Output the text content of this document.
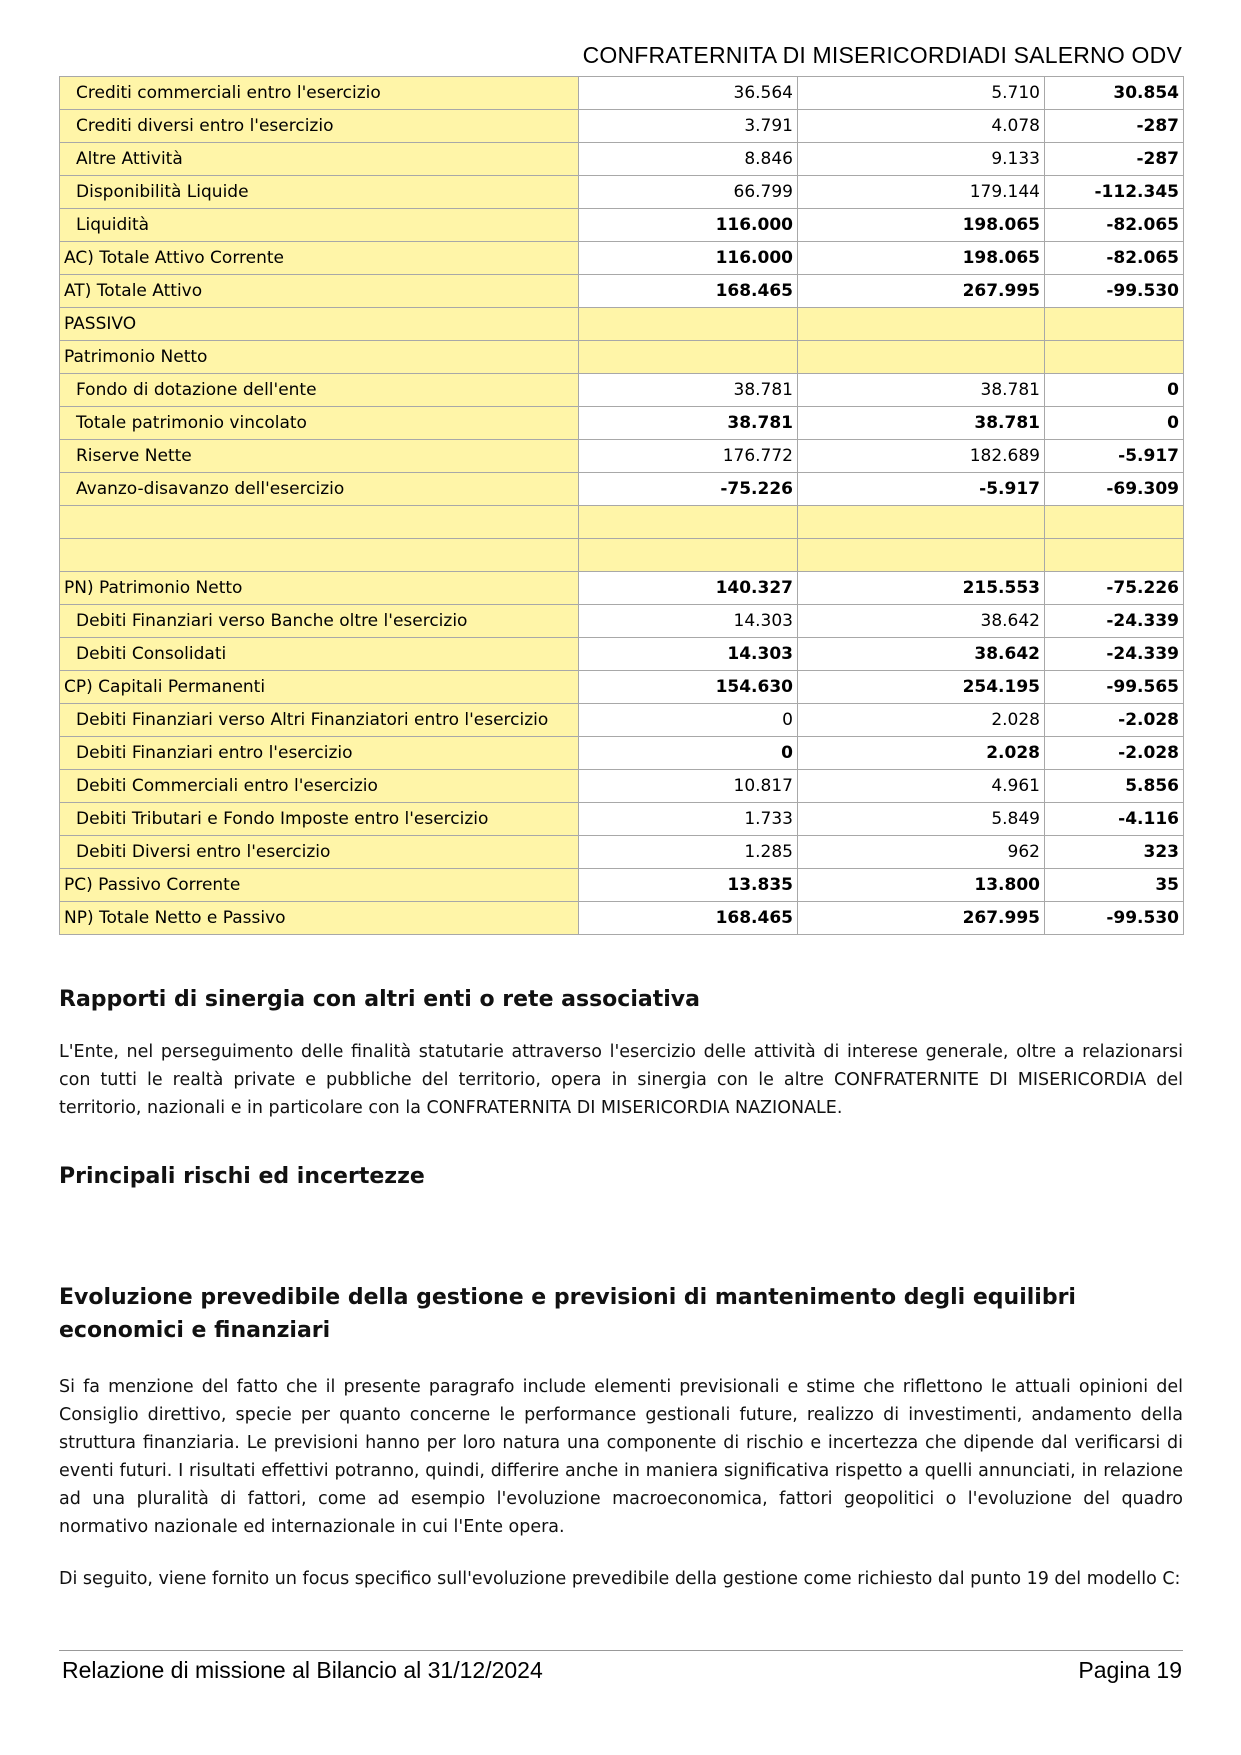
CONFRATERNITA DI MISERICORDIADI SALERNO ODV
Crediti commerciali entro l'esercizio	36.564	5.710	30.854
Crediti diversi entro l'esercizio	3.791	4.078	-287
Altre Attività	8.846	9.133	-287
Disponibilità Liquide	66.799	179.144	-112.345
Liquidità	116.000	198.065	-82.065
AC) Totale Attivo Corrente	116.000	198.065	-82.065
AT) Totale Attivo	168.465	267.995	-99.530
PASSIVO			
Patrimonio Netto			
Fondo di dotazione dell'ente	38.781	38.781	0
Totale patrimonio vincolato	38.781	38.781	0
Riserve Nette	176.772	182.689	-5.917
Avanzo-disavanzo dell'esercizio	-75.226	-5.917	-69.309

PN) Patrimonio Netto	140.327	215.553	-75.226
Debiti Finanziari verso Banche oltre l'esercizio	14.303	38.642	-24.339
Debiti Consolidati	14.303	38.642	-24.339
CP) Capitali Permanenti	154.630	254.195	-99.565
Debiti Finanziari verso Altri Finanziatori entro l'esercizio	0	2.028	-2.028
Debiti Finanziari entro l'esercizio	0	2.028	-2.028
Debiti Commerciali entro l'esercizio	10.817	4.961	5.856
Debiti Tributari e Fondo Imposte entro l'esercizio	1.733	5.849	-4.116
Debiti Diversi entro l'esercizio	1.285	962	323
PC) Passivo Corrente	13.835	13.800	35
NP) Totale Netto e Passivo	168.465	267.995	-99.530
Rapporti di sinergia con altri enti o rete associativa

L'Ente, nel perseguimento delle finalità statutarie attraverso l'esercizio delle attività di interese generale, oltre a relazionarsi con tutti le realtà private e pubbliche del territorio, opera in sinergia con le altre CONFRATERNITE DI MISERICORDIA del territorio, nazionali e in particolare con la CONFRATERNITA DI MISERICORDIA NAZIONALE.

Principali rischi ed incertezze
Evoluzione prevedibile della gestione e previsioni di mantenimento degli equilibri economici e finanziari

Si fa menzione del fatto che il presente paragrafo include elementi previsionali e stime che riflettono le attuali opinioni del Consiglio direttivo, specie per quanto concerne le performance gestionali future, realizzo di investimenti, andamento della struttura finanziaria. Le previsioni hanno per loro natura una componente di rischio e incertezza che dipende dal verificarsi di eventi futuri. I risultati effettivi potranno, quindi, differire anche in maniera significativa rispetto a quelli annunciati, in relazione ad una pluralità di fattori, come ad esempio l'evoluzione macroeconomica, fattori geopolitici o l'evoluzione del quadro normativo nazionale ed internazionale in cui l'Ente opera.

Di seguito, viene fornito un focus specifico sull'evoluzione prevedibile della gestione come richiesto dal punto 19 del modello C:

Relazione di missione al Bilancio al 31/12/2024	Pagina 19
